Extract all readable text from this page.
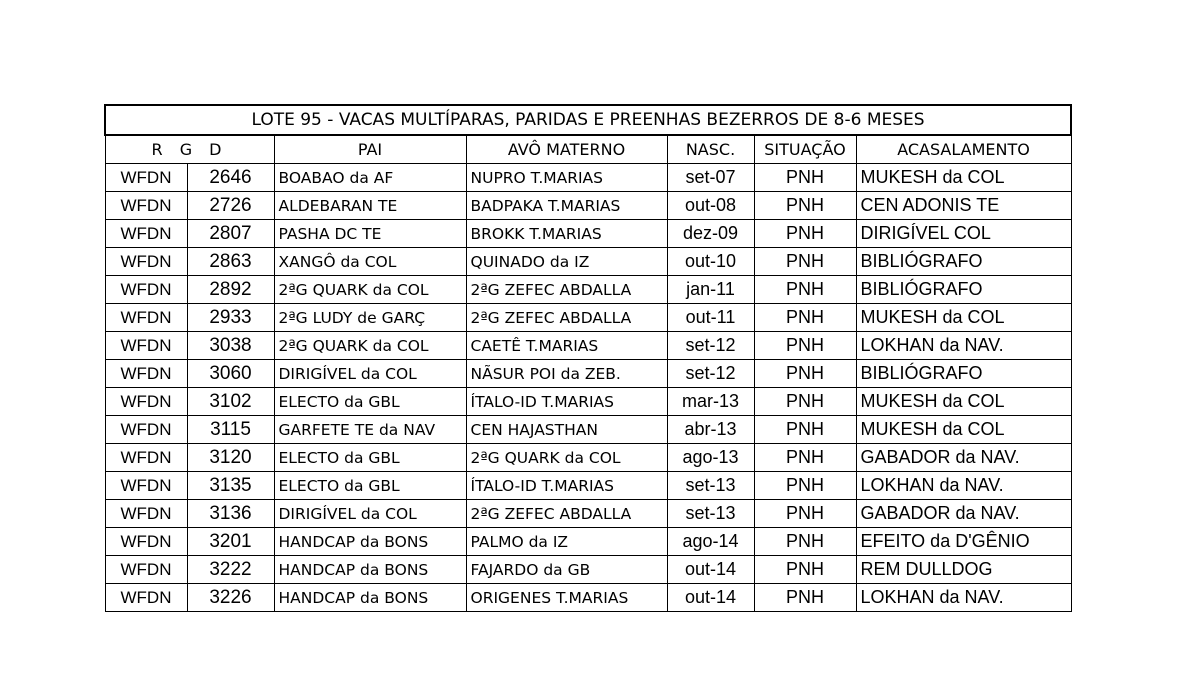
LOTE 95 - VACAS MULTÍPARAS, PARIDAS E PREENHAS BEZERROS DE 8-6 MESES						
R G D		PAI	AVÔ MATERNO	NASC.	SITUAÇÃO	ACASALAMENTO
WFDN	2646	BOABAO da AF	NUPRO T.MARIAS	set-07	PNH	MUKESH da COL
WFDN	2726	ALDEBARAN TE	BADPAKA T.MARIAS	out-08	PNH	CEN ADONIS TE
WFDN	2807	PASHA DC TE	BROKK T.MARIAS	dez-09	PNH	DIRIGÍVEL COL
WFDN	2863	XANGÔ da COL	QUINADO da IZ	out-10	PNH	BIBLIÓGRAFO
WFDN	2892	2ªG QUARK da COL	2ªG ZEFEC ABDALLA	jan-11	PNH	BIBLIÓGRAFO
WFDN	2933	2ªG LUDY de GARÇ	2ªG ZEFEC ABDALLA	out-11	PNH	MUKESH da COL
WFDN	3038	2ªG QUARK da COL	CAETÊ T.MARIAS	set-12	PNH	LOKHAN da NAV.
WFDN	3060	DIRIGÍVEL da COL	NÃSUR POI da ZEB.	set-12	PNH	BIBLIÓGRAFO
WFDN	3102	ELECTO da GBL	ÍTALO-ID T.MARIAS	mar-13	PNH	MUKESH da COL
WFDN	3115	GARFETE TE da NAV	CEN HAJASTHAN	abr-13	PNH	MUKESH da COL
WFDN	3120	ELECTO da GBL	2ªG QUARK da COL	ago-13	PNH	GABADOR da NAV.
WFDN	3135	ELECTO da GBL	ÍTALO-ID T.MARIAS	set-13	PNH	LOKHAN da NAV.
WFDN	3136	DIRIGÍVEL da COL	2ªG ZEFEC ABDALLA	set-13	PNH	GABADOR da NAV.
WFDN	3201	HANDCAP da BONS	PALMO da IZ	ago-14	PNH	EFEITO da D'GÊNIO
WFDN	3222	HANDCAP da BONS	FAJARDO da GB	out-14	PNH	REM DULLDOG
WFDN	3226	HANDCAP da BONS	ORIGENES T.MARIAS	out-14	PNH	LOKHAN da NAV.
